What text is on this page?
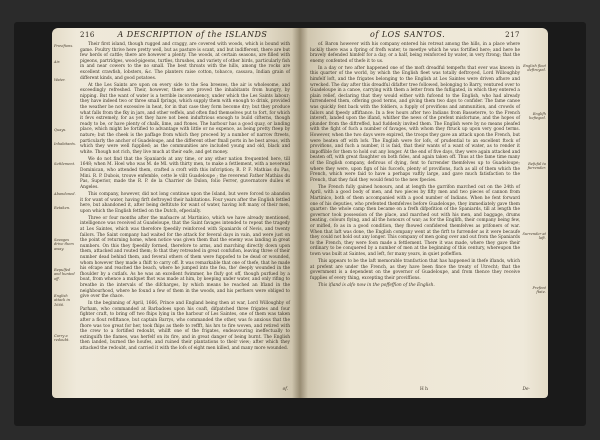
216	A DESCRIPTION of the ISLANDS
Provifions.
Air.
Water.
Quays.
Inhabitants.
Settlement.
Abandoned.
Retaken.
Savages drive them away.
Repulfed and hunted off.
English attack in 1666.
Carry a redoubt.

Their first island, though rugged and craggy, are covered with woods, which is bound with game. Poultry thrive here pretty well, but as pasture is scant, and but indifferent, there are but few herds of cattle; there are however a plenty. The woods, at certain seasons, are filled with pigeons, partridges, wood-pigeons, turtles, thrushes, and variety of other birds, particularly fish in and near cowers to the no small. The best throats with the hills, among the rocks are excellent crawfish, lobsters, &c. The planters raise cotton, tobacco, cassava, Indian grain of different kinds, and good potatoes.

At the Les Saints are upon on every side to the Sea breezes, the air is wholesome, and exceedingly refreshed. Their, however, there are proved the inhabitants from hungry, by nipping. But the want of water is a terrible inconveniency, under which the Les Saints labour; they have indeed two or three small fprings, which supply them with enough to drink, provided the weather be not excessive in heat, for in that case they form become dry; but they produce what falls from the fky in jars, and other veffels, and often find themselves put to fort, for which it fevs extremely, for as yet they have not been induftrious enough to build cifterns, though ready to be, or have plenty of chalk, lime, and ftones. The harbour has a good quay, or landing place, which might be fortified to advantage with little or no expence, as being pretty fteep by nature; but the cheek is the paffage from which they proceed by a number of narrow ftreets, particularly the anchor of Guadeloupe, and the different other fmall ports in he best areas, with which they were well fupplied; as the communities are included young and old, black and white. Though not rich, they live much at their eafe, and get money.

We do not find that the Spaniards at any time, or any other nation frequented here, till 1648; when M. Hoel who was M. de Ml. with thirty men, to make a fettlement, with a neverend Dominican, who attended them, crafted a croft with this infcription; R. P. F. Mathias du Pas, Mini. R. P. Dubois, trouve enfemble, cette le vilit Guadeloupe ; the reverend Father Mathias du Pas, Superior, made the R. P. de la Charrier de Dulon, folio Ferrer, guvernatore duileu et Angeles.

This company, however, did not long continue upon the Island, but were forced to abandon it for want of water, having firft deftroyed their habitations. Four years after the English fettled here, but abandoned it, after being deftitute for want of water, having loft many of their men, upon which the English fettled on the Dutch, efpecially.

Three or four months after the mafsacre at Martinico, which we have already mentioned, intelligence was received at Guadeloupe, that the Saint favages intended to repeat the tragedy at Les Saintes, which was therefore fpeedily reinforced with Spaniards of Nevis, and twenty failors. The Saint company had waited for the attack for feveral days in vain, and were just on the point of returning home, when notice was given them that the enemy was landing in great numbers. On this they fpeedily formed, therefore to arms, and marching directly down upon them, attacked and routed them; fo that they retreated in great confufion, leaving three of their number dead behind them, and feveral others of them were fuppofed to be dead or wounded, whom however they made a fhift to carry off. It was remarkable that one of thefe, that he made his efcape and reached the beach, where he jumped into the fea, the' deeply wounded in the fhoulder by a cutlafs. As he was an excellent fwimmer, he flufy got off, though purfued by a boat, from whence a mufquet fhot was made at him, by keeping under water, and only rifing to breathe in the intervals of the difcharges, by which means he reached an Ifland in the neighbourhood, where he found a few of them in the woods, and his perfuers were obliged to give over the chace.

In the beginning of April, 1666, Prince and England being then at war, Lord Willoughby of Parham, who commanded at Barbadoes upon his coaft, difpatched three frigates and four fighter craft, to bring off two fhips lying in the harbour of Les Saintes, one of them was taken after a flout refiftance, but captain Barrys, who commanded the other, was fo anxious that the fhore was too great for her, took fhips as thefe to reffft, his hrs to fire woven, and retired with the crew to a fortified redoubt, whilft one of the frigates, endeavouring ineffectually to extinguifh the flames, was herfelf on its fire, and in great danger of being burnt. The English then landed, burned the houfes, and ruined their plantations to their view; after which they attacked the redoubt, and carried it with the lofs of eight men killed, and many more wounded.

of.
of LOS SANTOS.	217
English fleet deftroyed.
Englifh befieged.
Refufal to furrender.
Surrender at laft.
Prefent ftate.

of. Baron however with his company entered his retreat among the hills, in a place where luckily there was a fpring of frefh water, to meetlye which he was fortified here; and here he bravely defended himfelf for a day, or a half, being reinforced by water, in very ftrong; that the enemy confented of thefe it to us.

In a day or two after happened one of the moft dreadful tempefts that ever was known in this quarter of the world, by which the English fleet was totally deftroyed, Lord Willoughby himfelf loft, and the frigates belonging to the English at Les Saintes were driven afhore and wrecked. The day after this dreadful difafter tree followed, belonging to Barry, ventured over to Guadeloupe in a canoe, carrying with them a letter from the fufligated, in which they entered a plain relief, declaring that they would either with fufcend to the English, who had already furrendered them, offering good terms, and giving them two days to confider. The fame canoe was quickly fent back with the foldiers, a fupply of provifions and ammunition, and crowds of failors and fpeedy affiftance. In a few hours after two Indians from Basseterre, to the French intereft, landed upon the ifland, whither the news of the prefent misfortune, and the hopes of plunder from the diftreffed, had fuddenly invited them. The English were by no means pleafed with the fight of fuch a number of favages, with whom they ftruck up upon very good terms. However, when the two days were expired, the troops they gave an attack upon the French, but were beaten off with lofs. The English were for lofs, of prudential to an excellent ftock of provifions, and fuch a number, it is faid, that their wants of a want of water, as to render it impoffible for them to hold out any longer. At the end of five days, they were again attacked and beaten off, with great flaughter on both fides, and again taken off. Thus at the fame time many of the English company, defirous of dying, fent to furrender themfelves up to Guadeloupe; where they were, upon fign of his fuccefs, plenty of provifions, fuch as all of them which the French, which were faid to have a perhaps vaftly large, and gave much fatisfaction to the French, that they faid they would fend to the new fpecies.

The French fully gained honours, and at length the garrifon marched out on the 24th of April, with a good body of men, and two pieces by fifty men and two pieces of cannon from Martinico, both of them accompanied with a good number of Indians. When he fent forward one of his deputies, who prefented themfelves before Guadeloupe, they immediately gave them quarter: the whole camp then became on a frefh difpofition of the Spaniards, till at length the governor took possession of the place, and marched out with his men, and baggage, drums beating, colours flying, and all the honours of war; as for the Englifh, their company being few, or mifled, fo as in a good condition, they fhowed confidered themfelves as prifoners of war. When that laft was done, the English company went at the firft to furrender as it were becaufe they could not hold out any longer. This company of men going over and out from the Spaniards to the French, they were foon made a fettlement. There it was made, where they gave their ordinary to be conquered by a number of men at the beginning of this century, whereupon the town was built at Saintes, and left, for many years, in quiet pofleffion.

This appears to be the laft memorable tranfaction that has happened in thefe iflands, which at prefent are under the French, as they have been fince the treaty of Utrecht; that the government is a dependent on the governor of Guadeloupe, and from thence they receive fupplies of every thing, excepting their proviffions.

This ifland is alfo now in the poffeffion of the English.

H h	De-
